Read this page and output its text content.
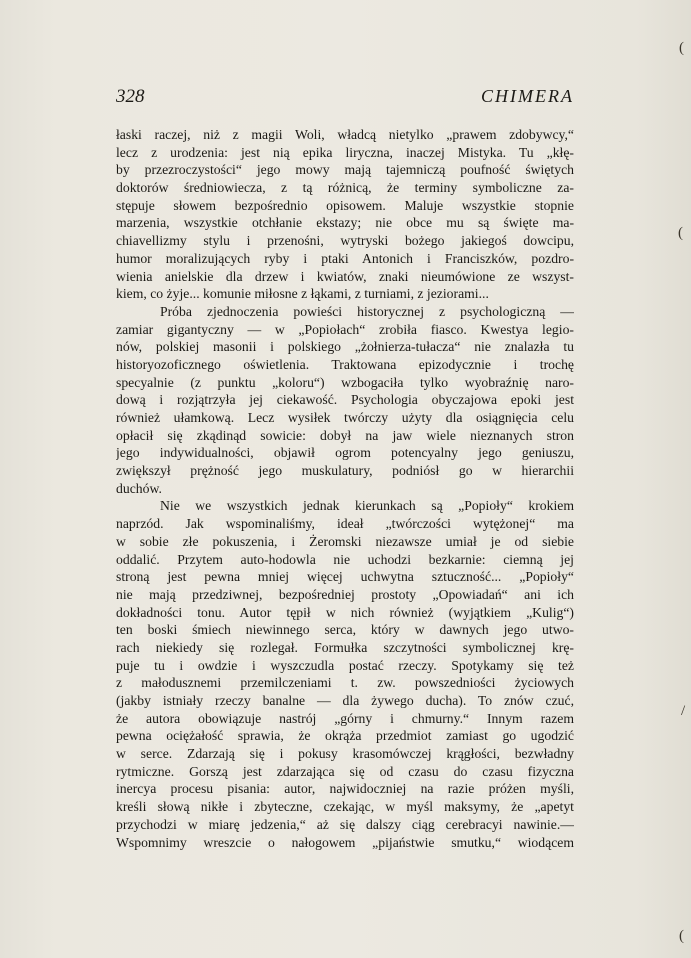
328	CHIMERA
łaski raczej, niż z magii Woli, władcą nietylko „prawem zdobywcy,“
lecz z urodzenia: jest nią epika liryczna, inaczej Mistyka. Tu „kłę-
by przezroczystości“ jego mowy mają tajemniczą poufność świętych
doktorów średniowiecza, z tą różnicą, że terminy symboliczne za-
stępuje słowem bezpośrednio opisowem. Maluje wszystkie stopnie
marzenia, wszystkie otchłanie ekstazy; nie obce mu są święte ma-
chiavellizmy stylu i przenośni, wytryski bożego jakiegoś dowcipu,
humor moralizujących ryby i ptaki Antonich i Franciszków, pozdro-
wienia anielskie dla drzew i kwiatów, znaki nieumówione ze wszyst-
kiem, co żyje... komunie miłosne z łąkami, z turniami, z jeziorami...
Próba zjednoczenia powieści historycznej z psychologiczną —
zamiar gigantyczny — w „Popiołach“ zrobiła fiasco. Kwestya legio-
nów, polskiej masonii i polskiego „żołnierza-tułacza“ nie znalazła tu
historyozoficznego oświetlenia. Traktowana epizodycznie i trochę
specyalnie (z punktu „koloru“) wzbogaciła tylko wyobraźnię naro-
dową i rozjątrzyła jej ciekawość. Psychologia obyczajowa epoki jest
również ułamkową. Lecz wysiłek twórczy użyty dla osiągnięcia celu
opłacił się zkądinąd sowicie: dobył na jaw wiele nieznanych stron
jego indywidualności, objawił ogrom potencyalny jego geniuszu,
zwiększył prężność jego muskulatury, podniósł go w hierarchii
duchów.
Nie we wszystkich jednak kierunkach są „Popioły“ krokiem
naprzód. Jak wspominaliśmy, ideał „twórczości wytężonej“ ma
w sobie złe pokuszenia, i Żeromski niezawsze umiał je od siebie
oddalić. Przytem auto-hodowla nie uchodzi bezkarnie: ciemną jej
stroną jest pewna mniej więcej uchwytna sztuczność... „Popioły“
nie mają przedziwnej, bezpośredniej prostoty „Opowiadań“ ani ich
dokładności tonu. Autor tępił w nich również (wyjątkiem „Kulig“)
ten boski śmiech niewinnego serca, który w dawnych jego utwo-
rach niekiedy się rozlegał. Formułka szczytności symbolicznej krę-
puje tu i owdzie i wyszczudla postać rzeczy. Spotykamy się też
z małodusznemi przemilczeniami t. zw. powszedniości życiowych
(jakby istniały rzeczy banalne — dla żywego ducha). To znów czuć,
że autora obowiązuje nastrój „górny i chmurny.“ Innym razem
pewna ociężałość sprawia, że okrąża przedmiot zamiast go ugodzić
w serce. Zdarzają się i pokusy krasomówczej krągłości, bezwładny
rytmiczne. Gorszą jest zdarzająca się od czasu do czasu fizyczna
inercya procesu pisania: autor, najwidoczniej na razie próżen myśli,
kreśli słową nikłe i zbyteczne, czekając, w myśl maksymy, że „apetyt
przychodzi w miarę jedzenia,“ aż się dalszy ciąg cerebracyi nawinie.—
Wspomnimy wreszcie o nałogowem „pijaństwie smutku,“ wiodącem
(
(
/
(
